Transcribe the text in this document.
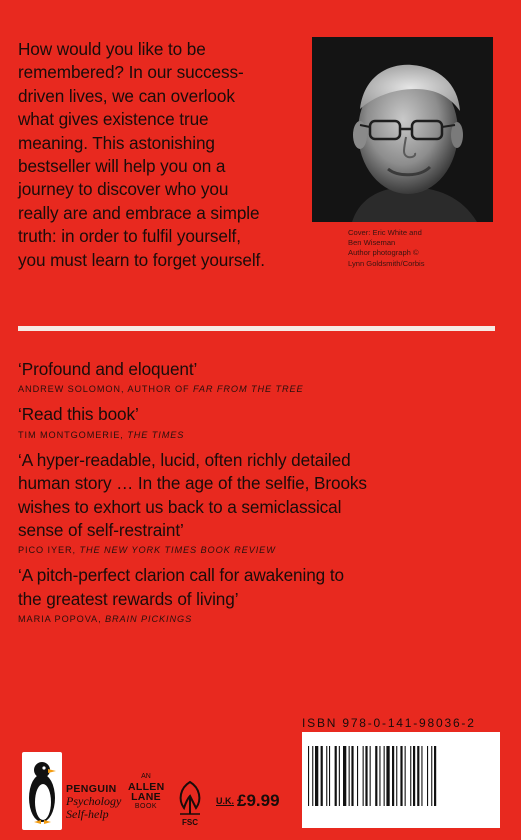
How would you like to be
remembered? In our success-
driven lives, we can overlook
what gives existence true
meaning. This astonishing
bestseller will help you on a
journey to discover who you
really are and embrace a simple
truth: in order to fulfil yourself,
you must learn to forget yourself.
Cover: Eric White and
Ben Wiseman
Author photograph ©
Lynn Goldsmith/Corbis
‘Profound and eloquent’
ANDREW SOLOMON, AUTHOR OF FAR FROM THE TREE
‘Read this book’
TIM MONTGOMERIE, THE TIMES
‘A hyper-readable, lucid, often richly detailed
human story … In the age of the selfie, Brooks
wishes to exhort us back to a semiclassical
sense of self-restraint’
PICO IYER, THE NEW YORK TIMES BOOK REVIEW
‘A pitch-perfect clarion call for awakening to
the greatest rewards of living’
MARIA POPOVA, BRAIN PICKINGS
ISBN 978-0-141-98036-2
PENGUIN
Psychology
Self-help
AN
ALLEN
LANE
BOOK
FSC
U.K. £9.99
